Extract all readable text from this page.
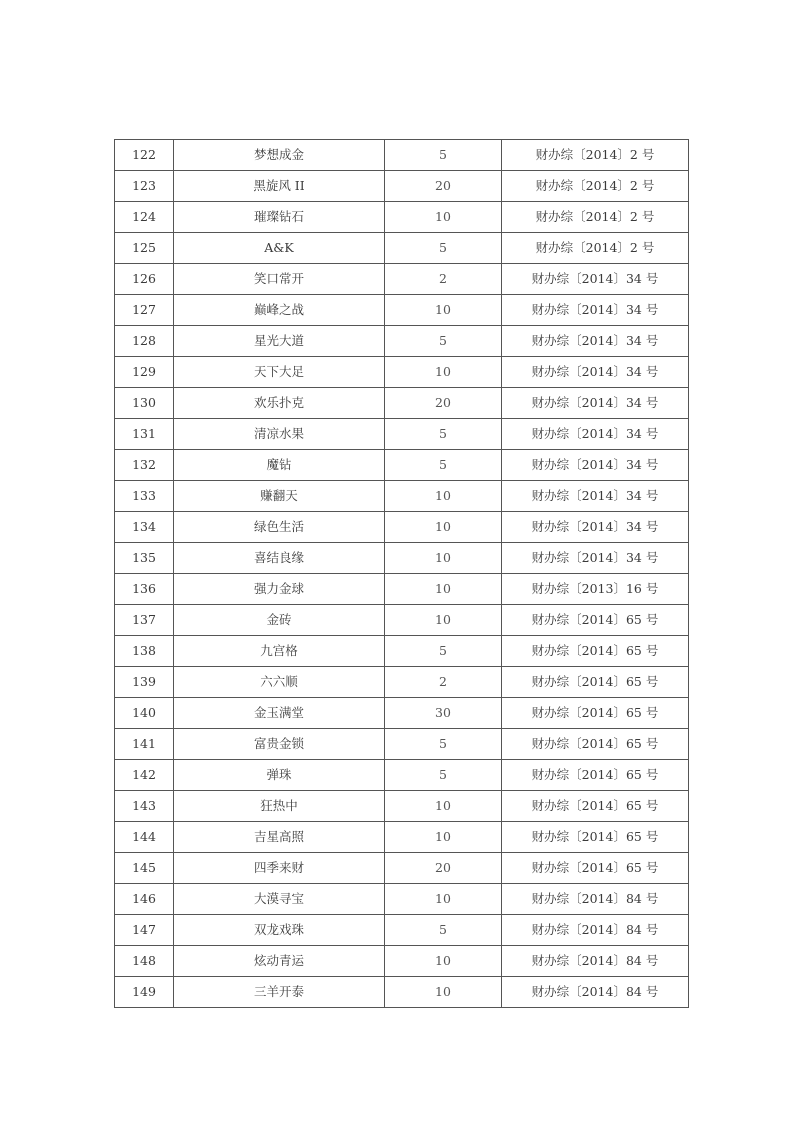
122	梦想成金	5	财办综〔2014〕2 号
123	黑旋风 II	20	财办综〔2014〕2 号
124	璀璨钻石	10	财办综〔2014〕2 号
125	A&K	5	财办综〔2014〕2 号
126	笑口常开	2	财办综〔2014〕34 号
127	巅峰之战	10	财办综〔2014〕34 号
128	星光大道	5	财办综〔2014〕34 号
129	天下大足	10	财办综〔2014〕34 号
130	欢乐扑克	20	财办综〔2014〕34 号
131	清凉水果	5	财办综〔2014〕34 号
132	魔钻	5	财办综〔2014〕34 号
133	赚翻天	10	财办综〔2014〕34 号
134	绿色生活	10	财办综〔2014〕34 号
135	喜结良缘	10	财办综〔2014〕34 号
136	强力金球	10	财办综〔2013〕16 号
137	金砖	10	财办综〔2014〕65 号
138	九宫格	5	财办综〔2014〕65 号
139	六六顺	2	财办综〔2014〕65 号
140	金玉满堂	30	财办综〔2014〕65 号
141	富贵金锁	5	财办综〔2014〕65 号
142	弹珠	5	财办综〔2014〕65 号
143	狂热中	10	财办综〔2014〕65 号
144	吉星高照	10	财办综〔2014〕65 号
145	四季来财	20	财办综〔2014〕65 号
146	大漠寻宝	10	财办综〔2014〕84 号
147	双龙戏珠	5	财办综〔2014〕84 号
148	炫动青运	10	财办综〔2014〕84 号
149	三羊开泰	10	财办综〔2014〕84 号
